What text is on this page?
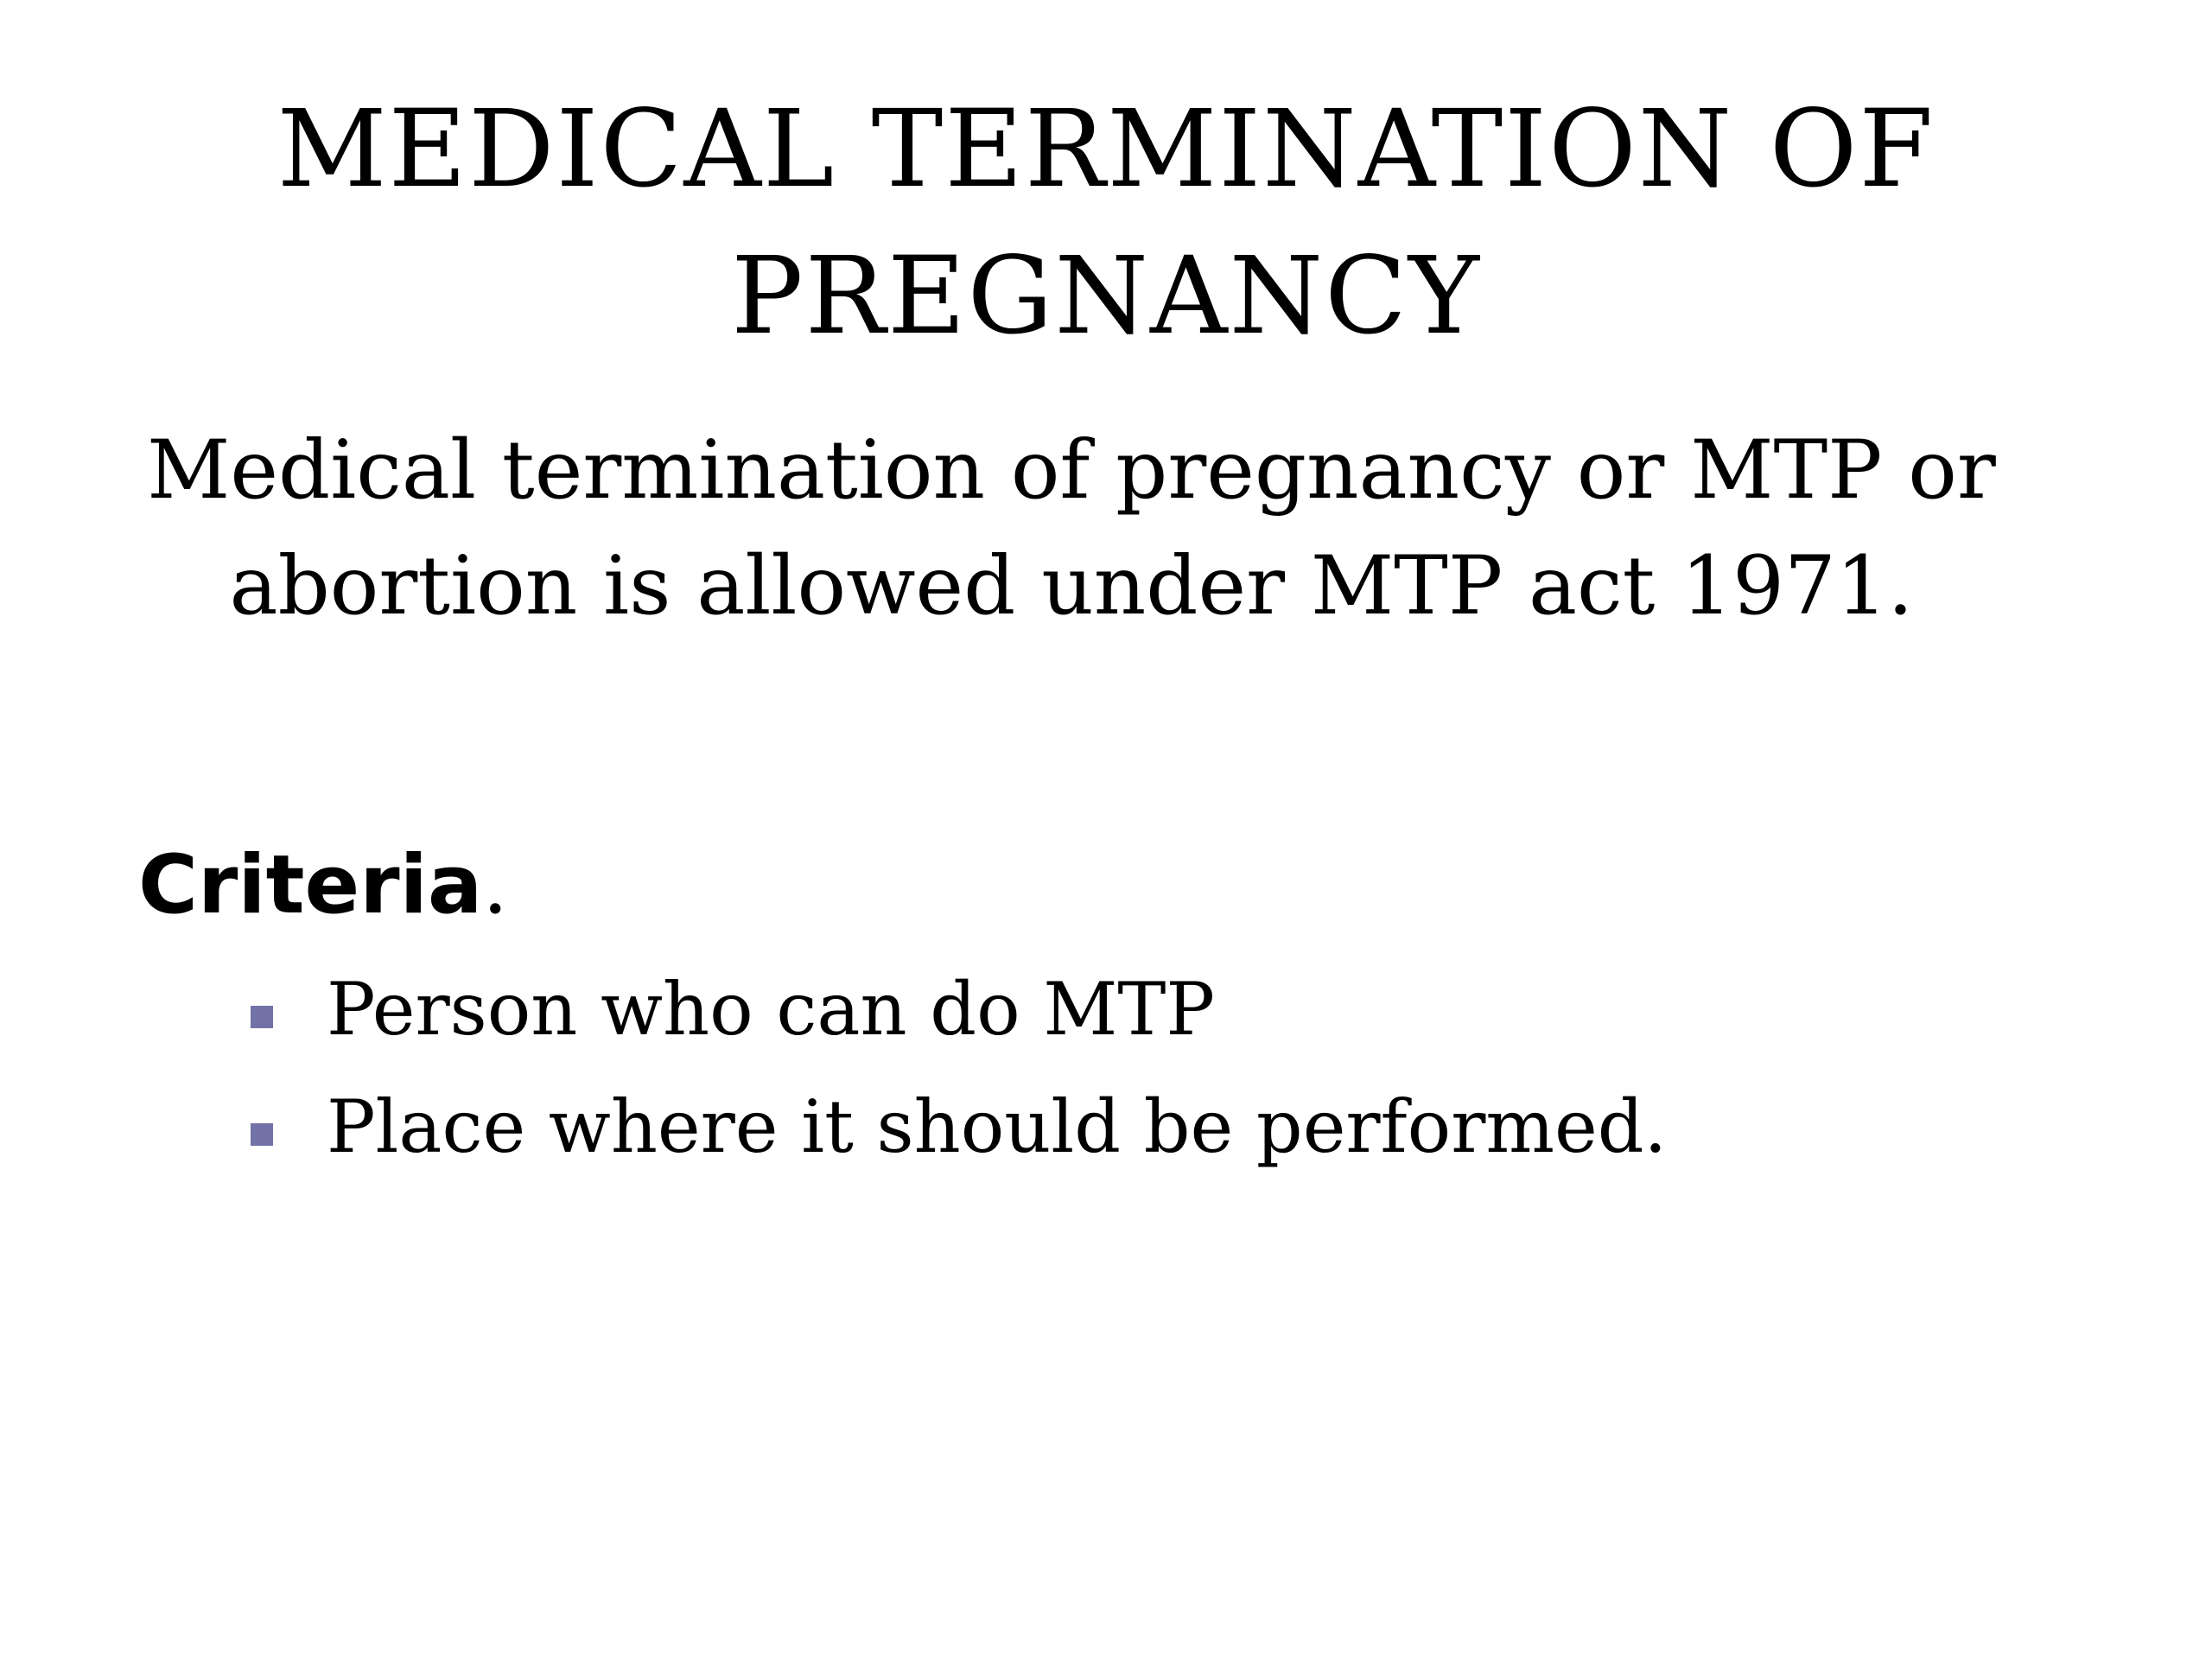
MEDICAL TERMINATION OF
PREGNANCY

Medical termination of pregnancy or MTP or
abortion is allowed under MTP act 1971.

Criteria.

Person who can do MTP
Place where it should be performed.
